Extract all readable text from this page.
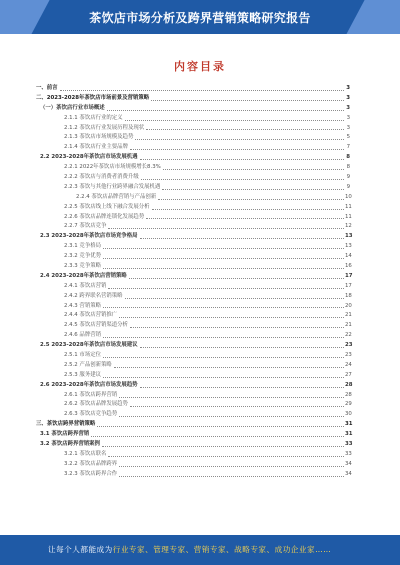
茶饮店市场分析及跨界营销策略研究报告
内容目录
一、前言	3
二、2023-2028年茶饮店市场前景及营销策略	3
（一）茶饮店行业市场概述	3
2.1.1 茶饮店行业的定义	3
2.1.2 茶饮店行业发展历程及现状	3
2.1.3 茶饮店市场规模及趋势	5
2.1.4 茶饮店行业主要品牌	7
2.2 2023-2028年茶饮店市场发展机遇	8
2.2.1 2022年茶饮店市场规模增长8.3%	8
2.2.2 茶饮店与消费者消费升级	9
2.2.3 茶饮与其他行业跨界融合发展机遇	9
2.2.4 茶饮店品牌营销与产品创新	10
2.2.5 茶饮店线上线下融合发展分析	11
2.2.6 茶饮店品牌连锁化发展趋势	11
2.2.7 茶饮店竞争	12
2.3 2023-2028年茶饮店市场竞争格局	13
2.3.1 竞争格局	13
2.3.2 竞争优势	14
2.3.3 竞争策略	16
2.4 2023-2028年茶饮店营销策略	17
2.4.1 茶饮店营销	17
2.4.2 跨界联名营销策略	18
2.4.3 营销策略	20
2.4.4 茶饮店营销推广	21
2.4.5 茶饮店营销渠道分析	21
2.4.6 品牌营销	22
2.5 2023-2028年茶饮店市场发展建议	23
2.5.1 市场定位	23
2.5.2 产品创新策略	24
2.5.3 服务建议	27
2.6 2023-2028年茶饮店市场发展趋势	28
2.6.1 茶饮店跨界营销	28
2.6.2 茶饮店品牌发展趋势	29
2.6.3 茶饮店竞争趋势	30
三、茶饮店跨界营销策略	31
3.1 茶饮店跨界营销	31
3.2 茶饮店跨界营销案例	33
3.2.1 茶饮店联名	33
3.2.2 茶饮店品牌跨界	34
3.2.3 茶饮店跨界合作	34
让每个人都能成为行业专家、管理专家、营销专家、战略专家、成功企业家……
